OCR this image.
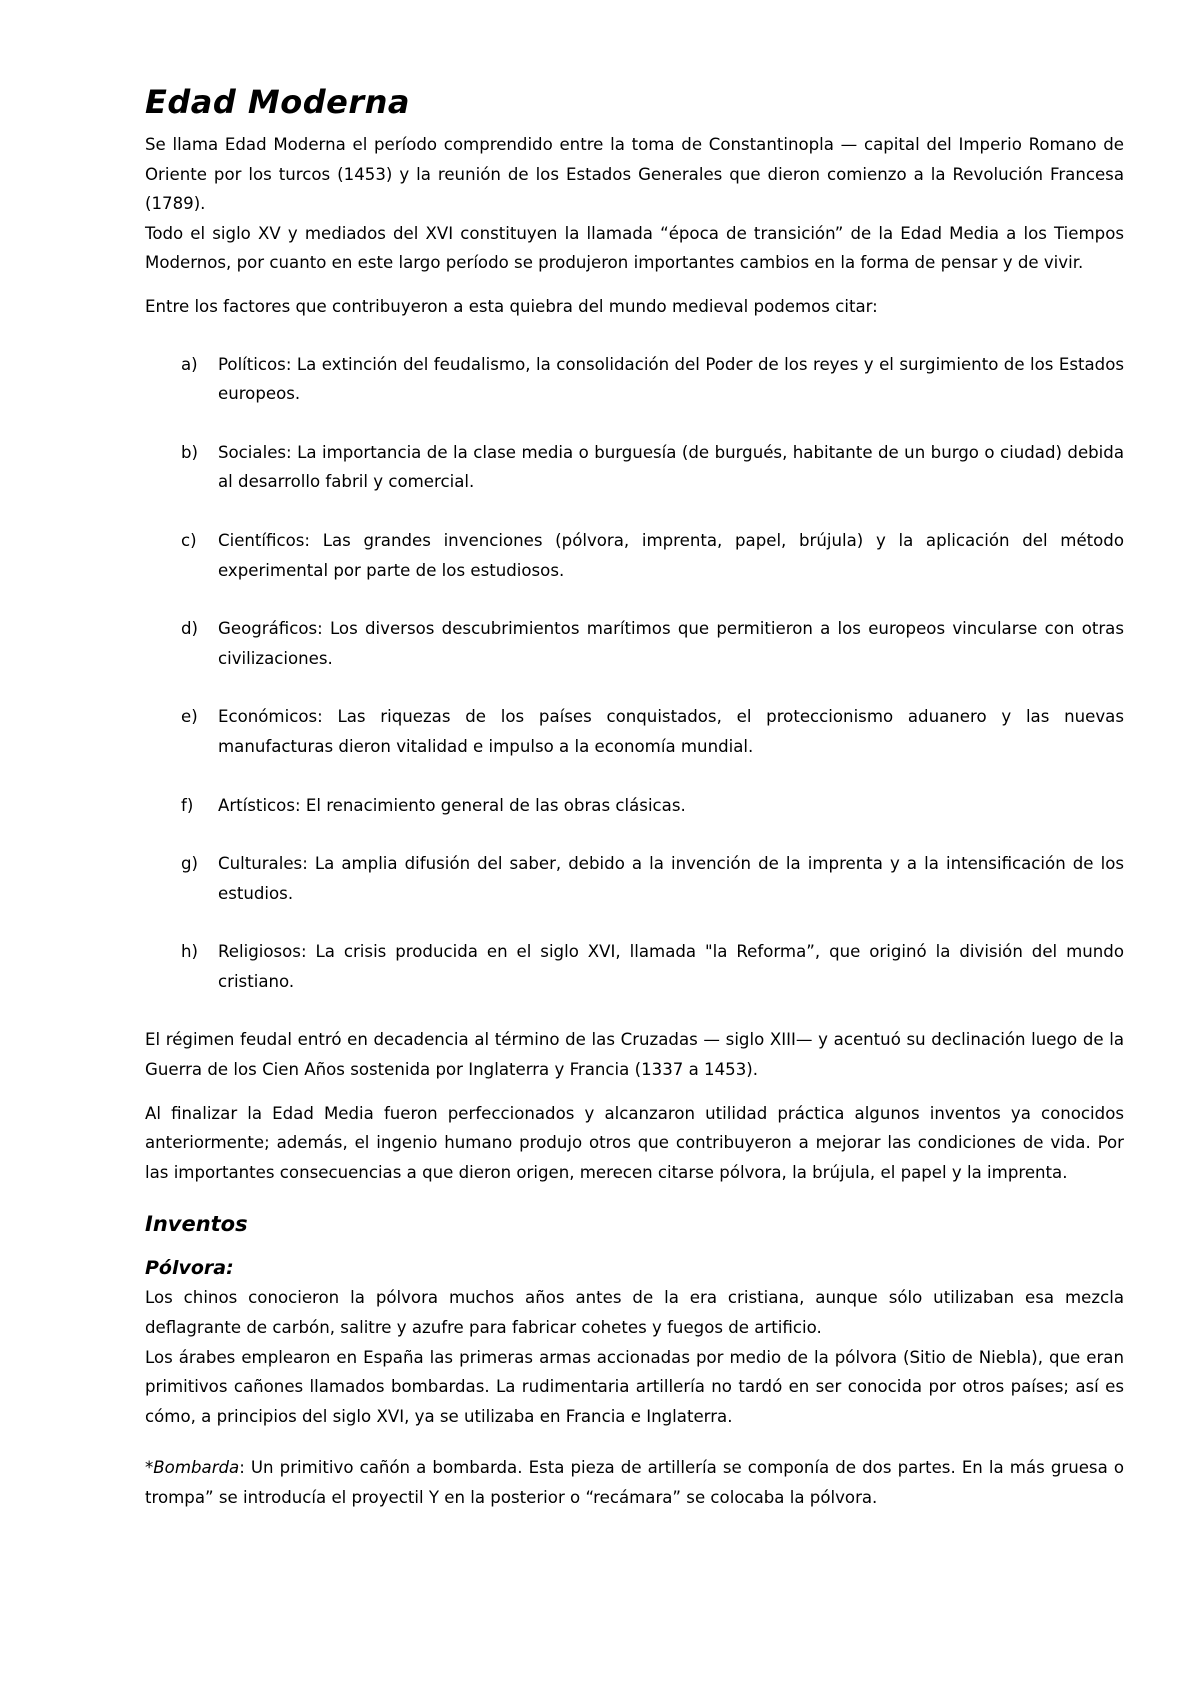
Edad Moderna

Se llama Edad Moderna el período comprendido entre la toma de Constantinopla — capital del Imperio Romano de Oriente por los turcos (1453) y la reunión de los Estados Generales que dieron comienzo a la Revolución Francesa (1789).

Todo el siglo XV y mediados del XVI constituyen la llamada “época de transición” de la Edad Media a los Tiempos Modernos, por cuanto en este largo período se produjeron importantes cambios en la forma de pensar y de vivir.

Entre los factores que contribuyeron a esta quiebra del mundo medieval podemos citar:

a) Políticos: La extinción del feudalismo, la consolidación del Poder de los reyes y el surgimiento de los Estados europeos.
b) Sociales: La importancia de la clase media o burguesía (de burgués, habitante de un burgo o ciudad) debida al desarrollo fabril y comercial.
c) Científicos: Las grandes invenciones (pólvora, imprenta, papel, brújula) y la aplicación del método experimental por parte de los estudiosos.
d) Geográficos: Los diversos descubrimientos marítimos que permitieron a los europeos vincularse con otras civilizaciones.
e) Económicos: Las riquezas de los países conquistados, el proteccionismo aduanero y las nuevas manufacturas dieron vitalidad e impulso a la economía mundial.
f) Artísticos: El renacimiento general de las obras clásicas.
g) Culturales: La amplia difusión del saber, debido a la invención de la imprenta y a la intensificación de los estudios.
h) Religiosos: La crisis producida en el siglo XVI, llamada "la Reforma”, que originó la división del mundo cristiano.

El régimen feudal entró en decadencia al término de las Cruzadas — siglo XIII— y acentuó su declinación luego de la Guerra de los Cien Años sostenida por Inglaterra y Francia (1337 a 1453).

Al finalizar la Edad Media fueron perfeccionados y alcanzaron utilidad práctica algunos inventos ya conocidos anteriormente; además, el ingenio humano produjo otros que contribuyeron a mejorar las condiciones de vida. Por las importantes consecuencias a que dieron origen, merecen citarse pólvora, la brújula, el papel y la imprenta.

Inventos
Pólvora:

Los chinos conocieron la pólvora muchos años antes de la era cristiana, aunque sólo utilizaban esa mezcla deflagrante de carbón, salitre y azufre para fabricar cohetes y fuegos de artificio.

Los árabes emplearon en España las primeras armas accionadas por medio de la pólvora (Sitio de Niebla), que eran primitivos cañones llamados bombardas. La rudimentaria artillería no tardó en ser conocida por otros países; así es cómo, a principios del siglo XVI, ya se utilizaba en Francia e Inglaterra.

*Bombarda: Un primitivo cañón a bombarda. Esta pieza de artillería se componía de dos partes. En la más gruesa o trompa” se introducía el proyectil Y en la posterior o “recámara” se colocaba la pólvora.
